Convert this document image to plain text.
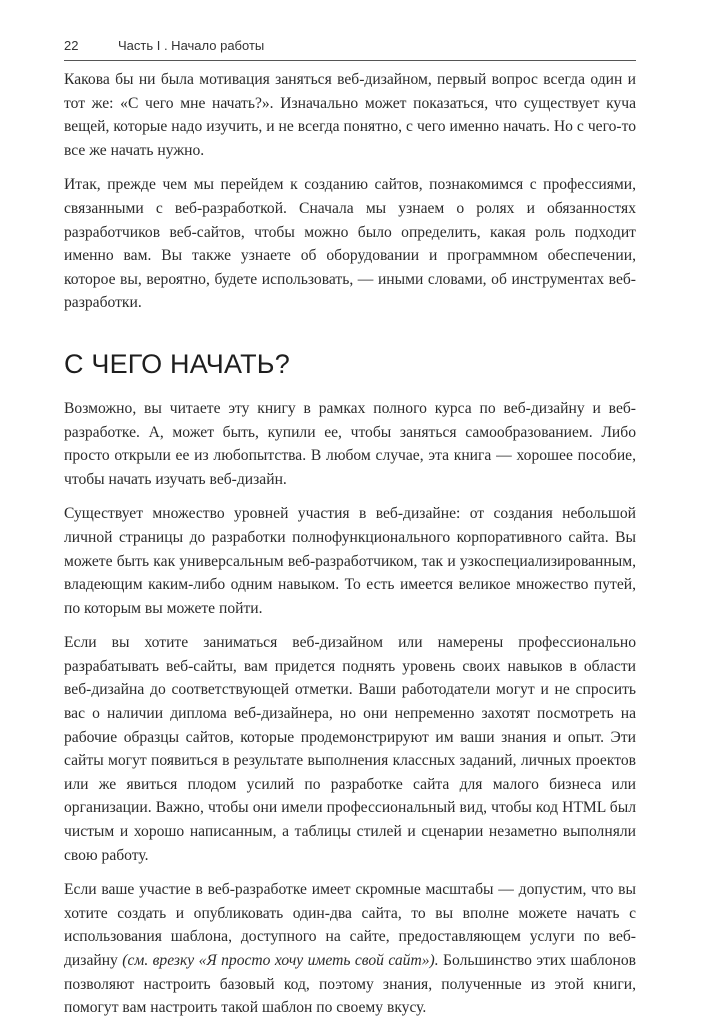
22	Часть I . Начало работы

Какова бы ни была мотивация заняться веб-дизайном, первый вопрос всегда один и тот же: «С чего мне начать?». Изначально может показаться, что существует куча вещей, которые надо изучить, и не всегда понятно, с чего именно начать. Но с чего-то все же начать нужно.

Итак, прежде чем мы перейдем к созданию сайтов, познакомимся с профессиями, связанными с веб-разработкой. Сначала мы узнаем о ролях и обязанностях разработчиков веб-сайтов, чтобы можно было определить, какая роль подходит именно вам. Вы также узнаете об оборудовании и программном обеспечении, которое вы, вероятно, будете использовать, — иными словами, об инструментах веб-разработки.

С ЧЕГО НАЧАТЬ?

Возможно, вы читаете эту книгу в рамках полного курса по веб-дизайну и веб-разработке. А, может быть, купили ее, чтобы заняться самообразованием. Либо просто открыли ее из любопытства. В любом случае, эта книга — хорошее пособие, чтобы начать изучать веб-дизайн.

Существует множество уровней участия в веб-дизайне: от создания небольшой личной страницы до разработки полнофункционального корпоративного сайта. Вы можете быть как универсальным веб-разработчиком, так и узкоспециализированным, владеющим каким-либо одним навыком. То есть имеется великое множество путей, по которым вы можете пойти.

Если вы хотите заниматься веб-дизайном или намерены профессионально разрабатывать веб-сайты, вам придется поднять уровень своих навыков в области веб-дизайна до соответствующей отметки. Ваши работодатели могут и не спросить вас о наличии диплома веб-дизайнера, но они непременно захотят посмотреть на рабочие образцы сайтов, которые продемонстрируют им ваши знания и опыт. Эти сайты могут появиться в результате выполнения классных заданий, личных проектов или же явиться плодом усилий по разработке сайта для малого бизнеса или организации. Важно, чтобы они имели профессиональный вид, чтобы код HTML был чистым и хорошо написанным, а таблицы стилей и сценарии незаметно выполняли свою работу.

Если ваше участие в веб-разработке имеет скромные масштабы — допустим, что вы хотите создать и опубликовать один-два сайта, то вы вполне можете начать с использования шаблона, доступного на сайте, предоставляющем услуги по веб-дизайну (см. врезку «Я просто хочу иметь свой сайт»). Большинство этих шаблонов позволяют настроить базовый код, поэтому знания, полученные из этой книги, помогут вам настроить такой шаблон по своему вкусу.
